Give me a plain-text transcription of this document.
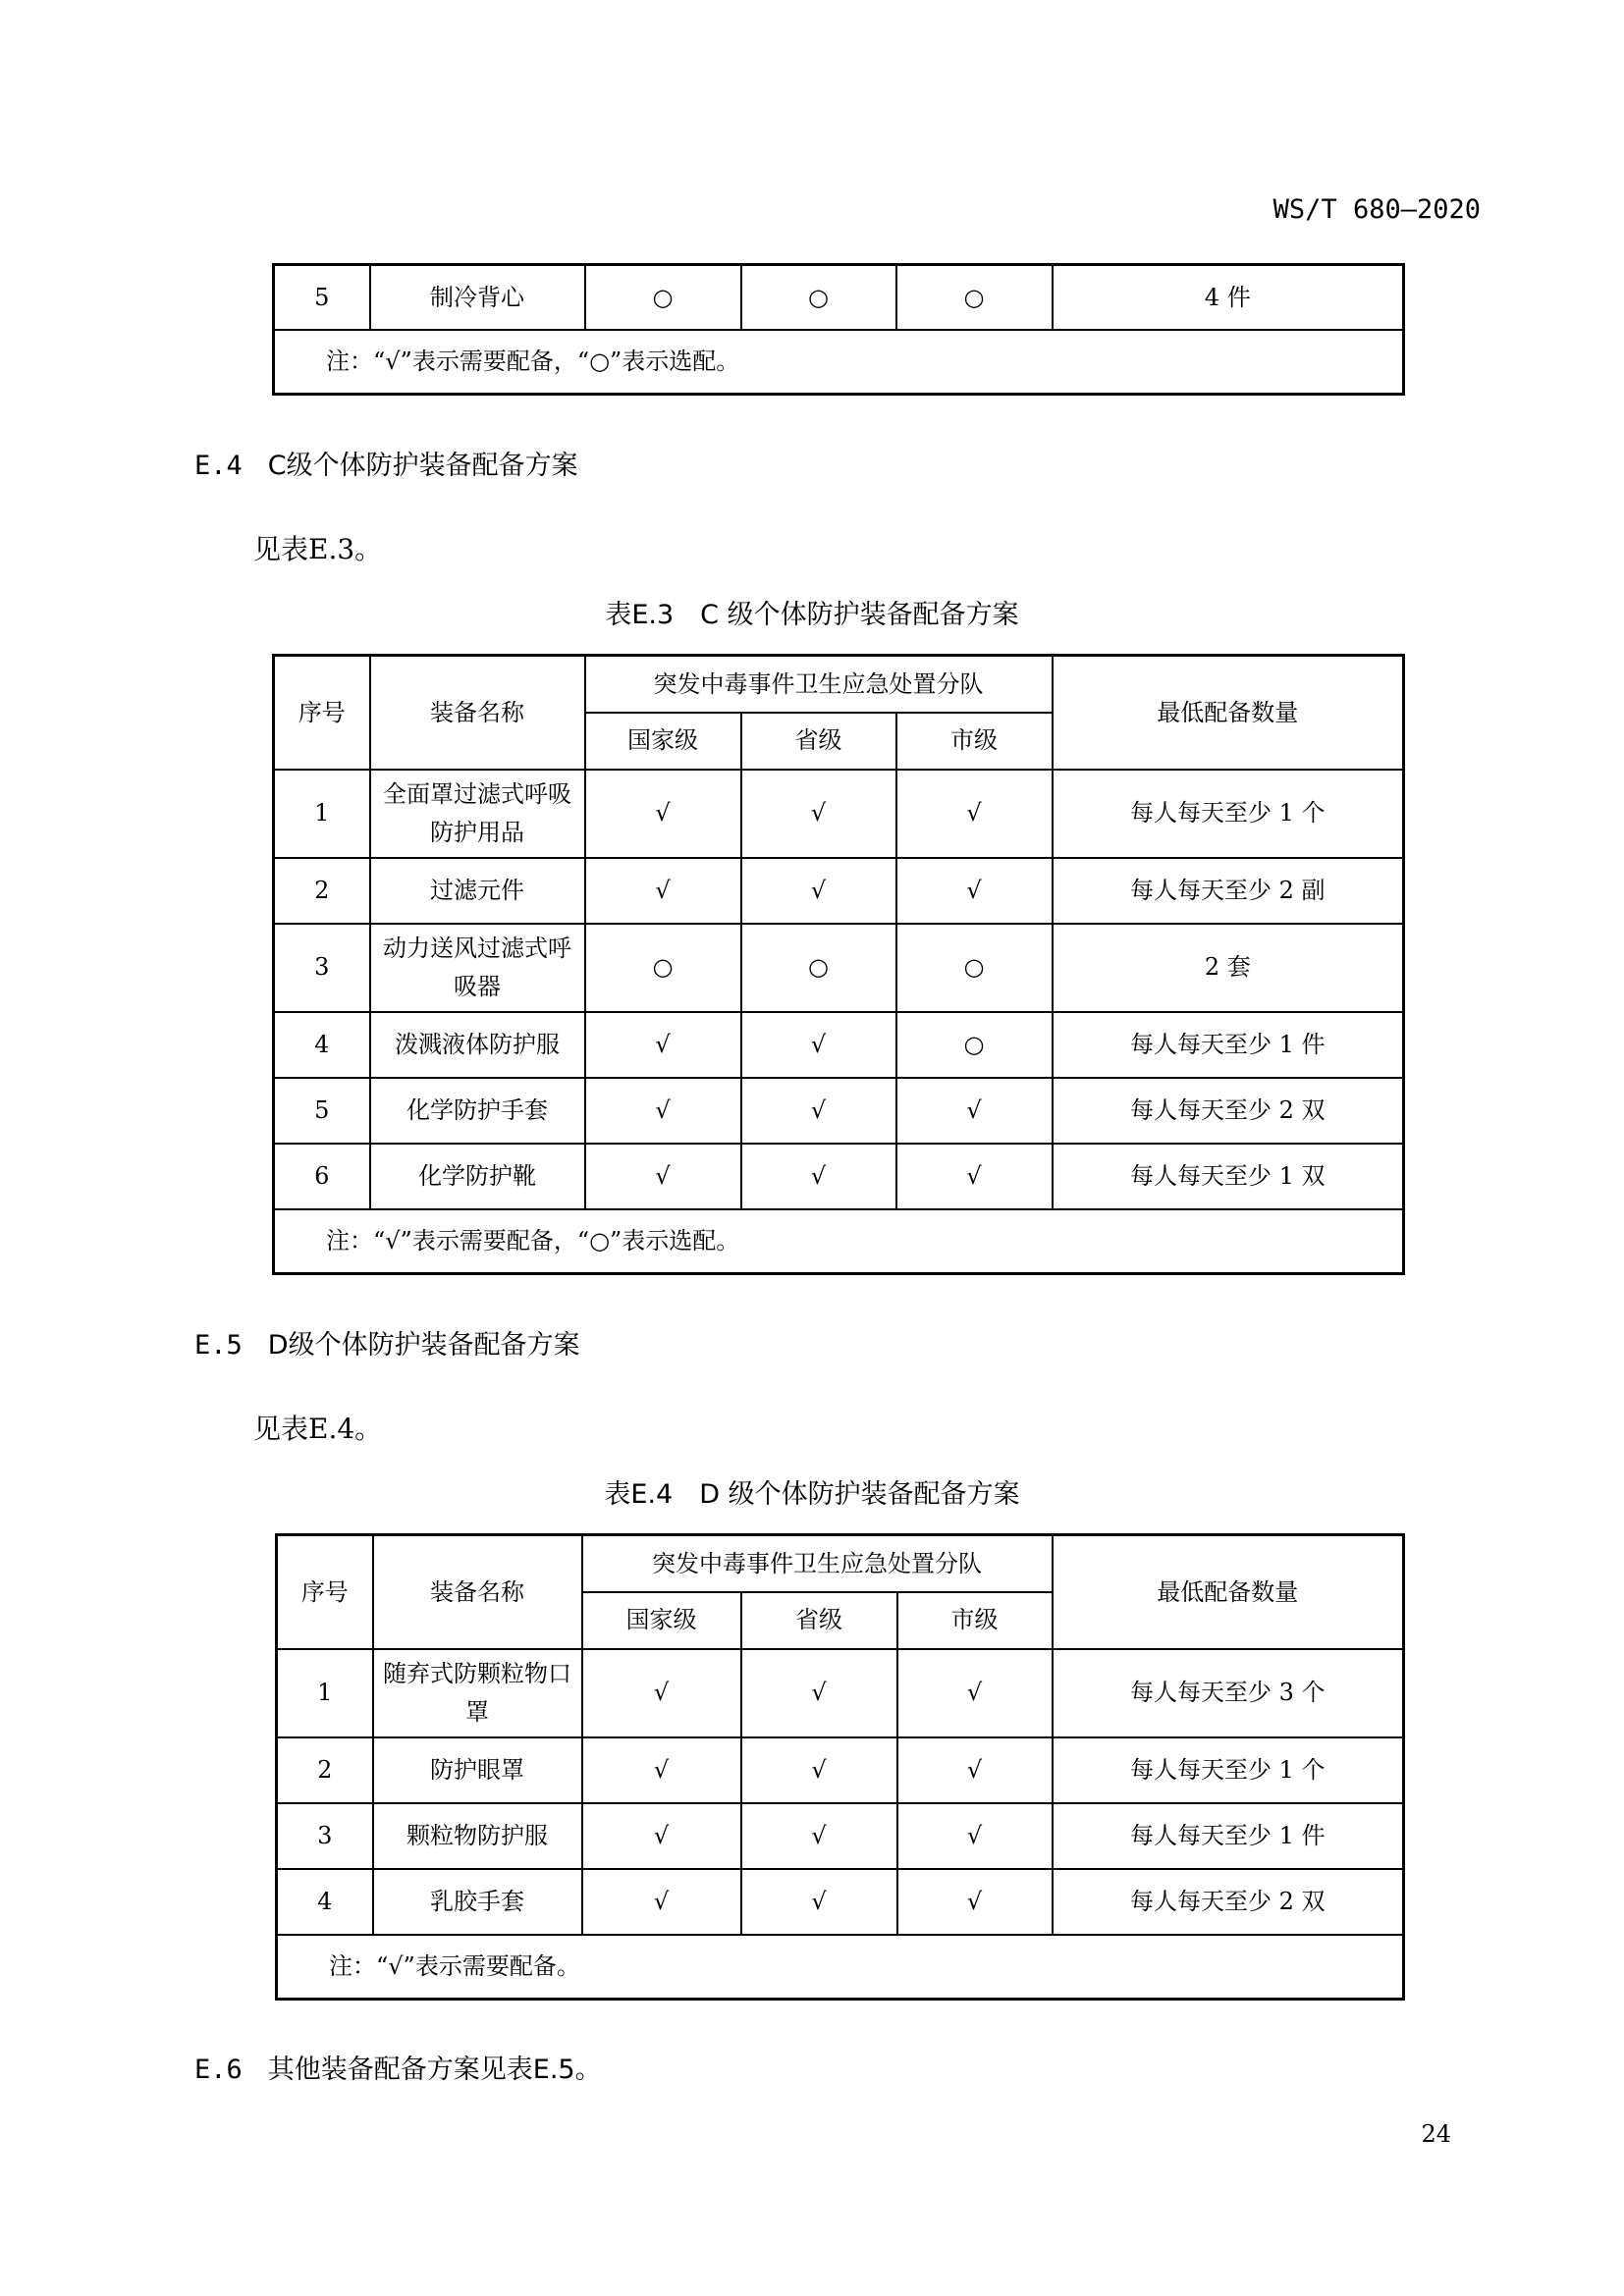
WS/T 680—2020
5	制冷背心	○	○	○	4 件
注：“√”表示需要配备，“○”表示选配。
E.4 C级个体防护装备配备方案
见表E.3。
表E.3　C 级个体防护装备配备方案
序号	装备名称	突发中毒事件卫生应急处置分队			最低配备数量
		国家级	省级	市级	
1	全面罩过滤式呼吸防护用品	√	√	√	每人每天至少 1 个
2	过滤元件	√	√	√	每人每天至少 2 副
3	动力送风过滤式呼吸器	○	○	○	2 套
4	泼溅液体防护服	√	√	○	每人每天至少 1 件
5	化学防护手套	√	√	√	每人每天至少 2 双
6	化学防护靴	√	√	√	每人每天至少 1 双
注：“√”表示需要配备，“○”表示选配。					
E.5 D级个体防护装备配备方案
见表E.4。
表E.4　D 级个体防护装备配备方案
序号	装备名称	突发中毒事件卫生应急处置分队			最低配备数量
		国家级	省级	市级	
1	随弃式防颗粒物口罩	√	√	√	每人每天至少 3 个
2	防护眼罩	√	√	√	每人每天至少 1 个
3	颗粒物防护服	√	√	√	每人每天至少 1 件
4	乳胶手套	√	√	√	每人每天至少 2 双
注：“√”表示需要配备。					
E.6 其他装备配备方案见表E.5。
24
